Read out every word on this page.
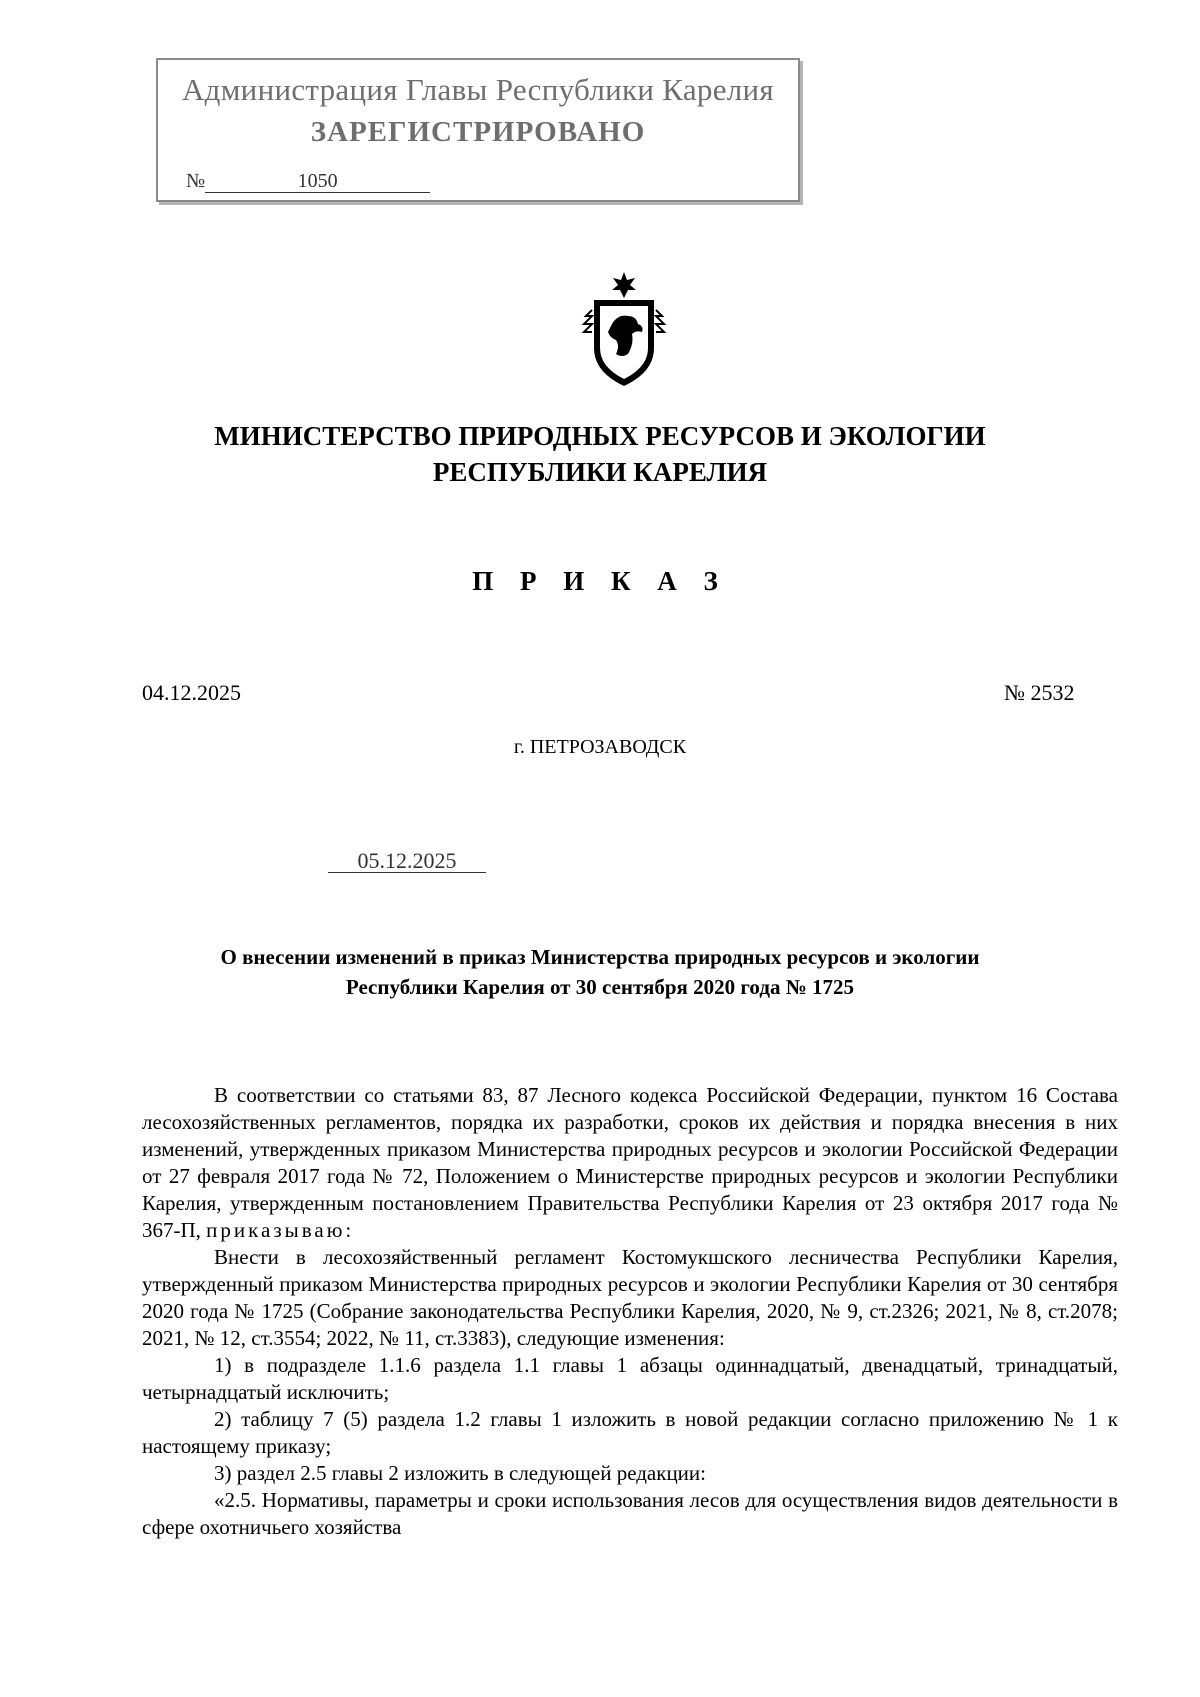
Администрация Главы Республики Карелия
ЗАРЕГИСТРИРОВАНО
05.12.2025
№	1050
МИНИСТЕРСТВО ПРИРОДНЫХ РЕСУРСОВ И ЭКОЛОГИИ
РЕСПУБЛИКИ КАРЕЛИЯ
П Р И К А З
04.12.2025	№ 2532
г. ПЕТРОЗАВОДСК
О внесении изменений в приказ Министерства природных ресурсов и экологии
Республики Карелия от 30 сентября 2020 года № 1725

В соответствии со статьями 83, 87 Лесного кодекса Российской Федерации, пунктом 16 Состава лесохозяйственных регламентов, порядка их разработки, сроков их действия и порядка внесения в них изменений, утвержденных приказом Министерства природных ресурсов и экологии Российской Федерации от 27 февраля 2017 года № 72, Положением о Министерстве природных ресурсов и экологии Республики Карелия, утвержденным постановлением Правительства Республики Карелия от 23 октября 2017 года № 367-П, приказываю:

Внести в лесохозяйственный регламент Костомукшского лесничества Республики Карелия, утвержденный приказом Министерства природных ресурсов и экологии Республики Карелия от 30 сентября 2020 года № 1725 (Собрание законодательства Республики Карелия, 2020, № 9, ст.2326; 2021, № 8, ст.2078; 2021, № 12, ст.3554; 2022, № 11, ст.3383), следующие изменения:

1) в подразделе 1.1.6 раздела 1.1 главы 1 абзацы одиннадцатый, двенадцатый, тринадцатый, четырнадцатый исключить;

2) таблицу 7 (5) раздела 1.2 главы 1 изложить в новой редакции согласно приложению № 1 к настоящему приказу;

3) раздел 2.5 главы 2 изложить в следующей редакции:

«2.5. Нормативы, параметры и сроки использования лесов для осуществления видов деятельности в сфере охотничьего хозяйства
